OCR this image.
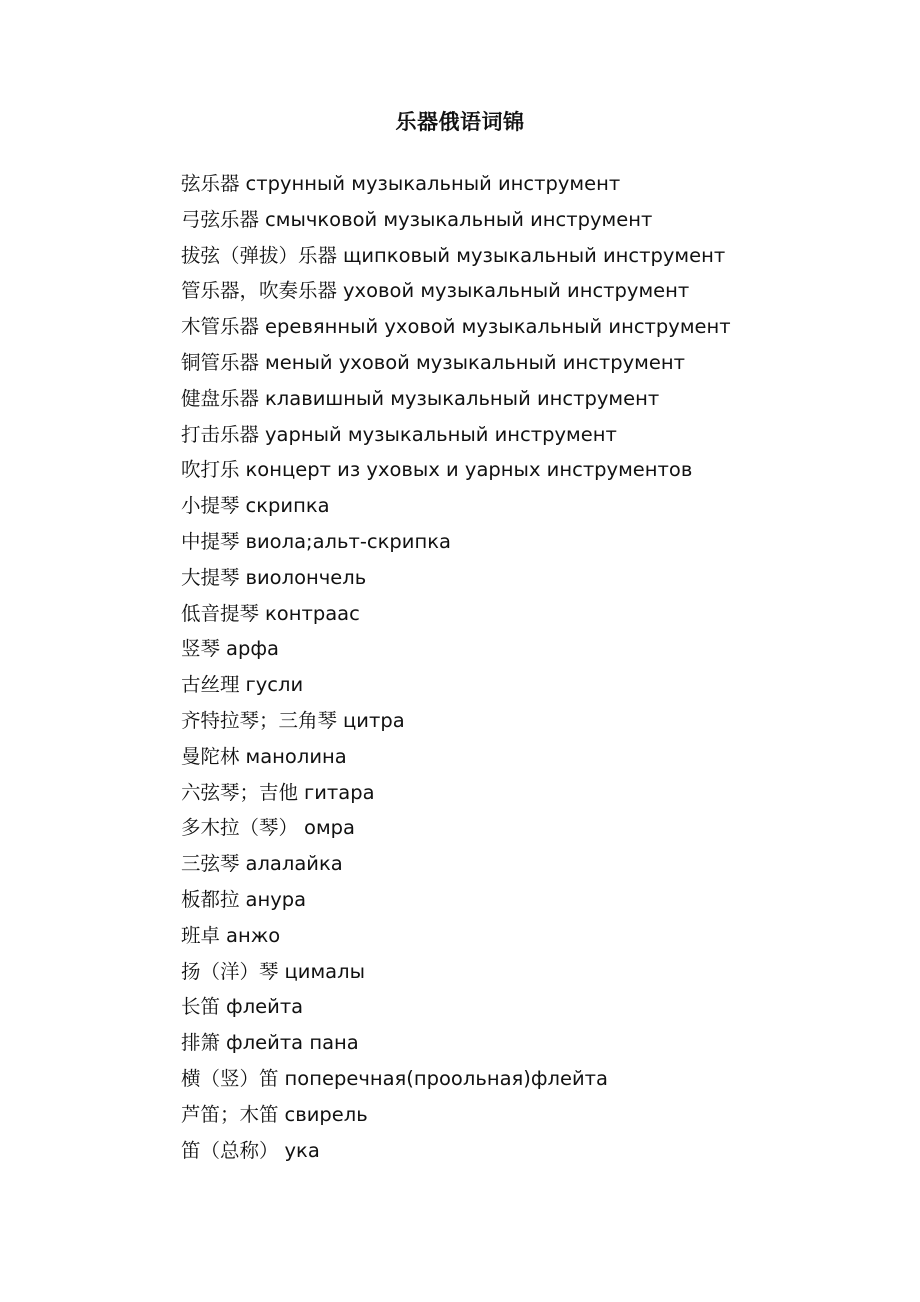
乐器俄语词锦
弦乐器 струнный музыкальный инструмент
弓弦乐器 смычковой музыкальный инструмент
拔弦（弹拔）乐器 щипковый музыкальный инструмент
管乐器，吹奏乐器 уховой музыкальный инструмент
木管乐器 еревянный уховой музыкальный инструмент
铜管乐器 меный уховой музыкальный инструмент
健盘乐器 клавишный музыкальный инструмент
打击乐器 уарный музыкальный инструмент
吹打乐 концерт из уховых и уарных инструментов
小提琴 скрипка
中提琴 виола;альт-скрипка
大提琴 виолончель
低音提琴 контраас
竖琴 арфа
古丝理 гусли
齐特拉琴；三角琴 цитра
曼陀林 манолина
六弦琴；吉他 гитара
多木拉（琴） омра
三弦琴 алалайка
板都拉 анура
班卓 анжо
扬（洋）琴 цималы
长笛 флейта
排箫 флейта пана
横（竖）笛 поперечная(проольная)флейта
芦笛；木笛 свирель
笛（总称） ука
